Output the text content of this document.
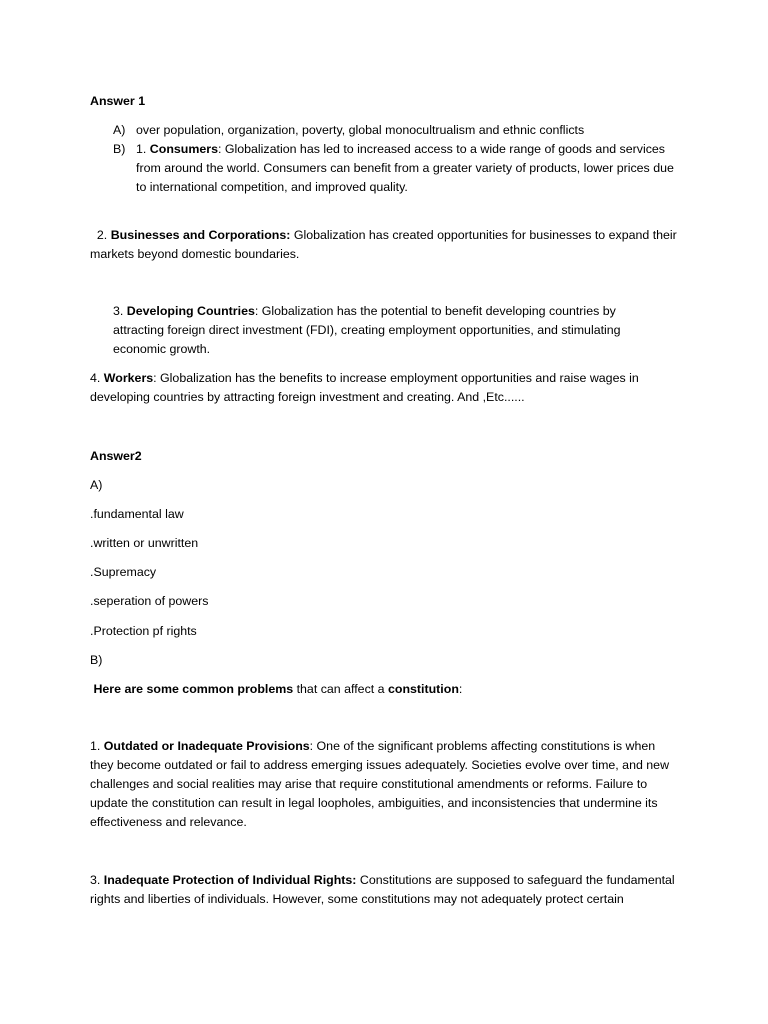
Answer 1
A) over population, organization, poverty, global monocultrualism and ethnic conflicts
B) 1. Consumers: Globalization has led to increased access to a wide range of goods and services from around the world. Consumers can benefit from a greater variety of products, lower prices due to international competition, and improved quality.
2. Businesses and Corporations: Globalization has created opportunities for businesses to expand their markets beyond domestic boundaries.
3. Developing Countries: Globalization has the potential to benefit developing countries by attracting foreign direct investment (FDI), creating employment opportunities, and stimulating economic growth.
4. Workers: Globalization has the benefits to increase employment opportunities and raise wages in developing countries by attracting foreign investment and creating. And ,Etc......
Answer2
A)
.fundamental law
.written or unwritten
.Supremacy
.seperation of powers
.Protection pf rights
B)
Here are some common problems that can affect a constitution:
1. Outdated or Inadequate Provisions: One of the significant problems affecting constitutions is when they become outdated or fail to address emerging issues adequately. Societies evolve over time, and new challenges and social realities may arise that require constitutional amendments or reforms. Failure to update the constitution can result in legal loopholes, ambiguities, and inconsistencies that undermine its effectiveness and relevance.
3. Inadequate Protection of Individual Rights: Constitutions are supposed to safeguard the fundamental rights and liberties of individuals. However, some constitutions may not adequately protect certain
